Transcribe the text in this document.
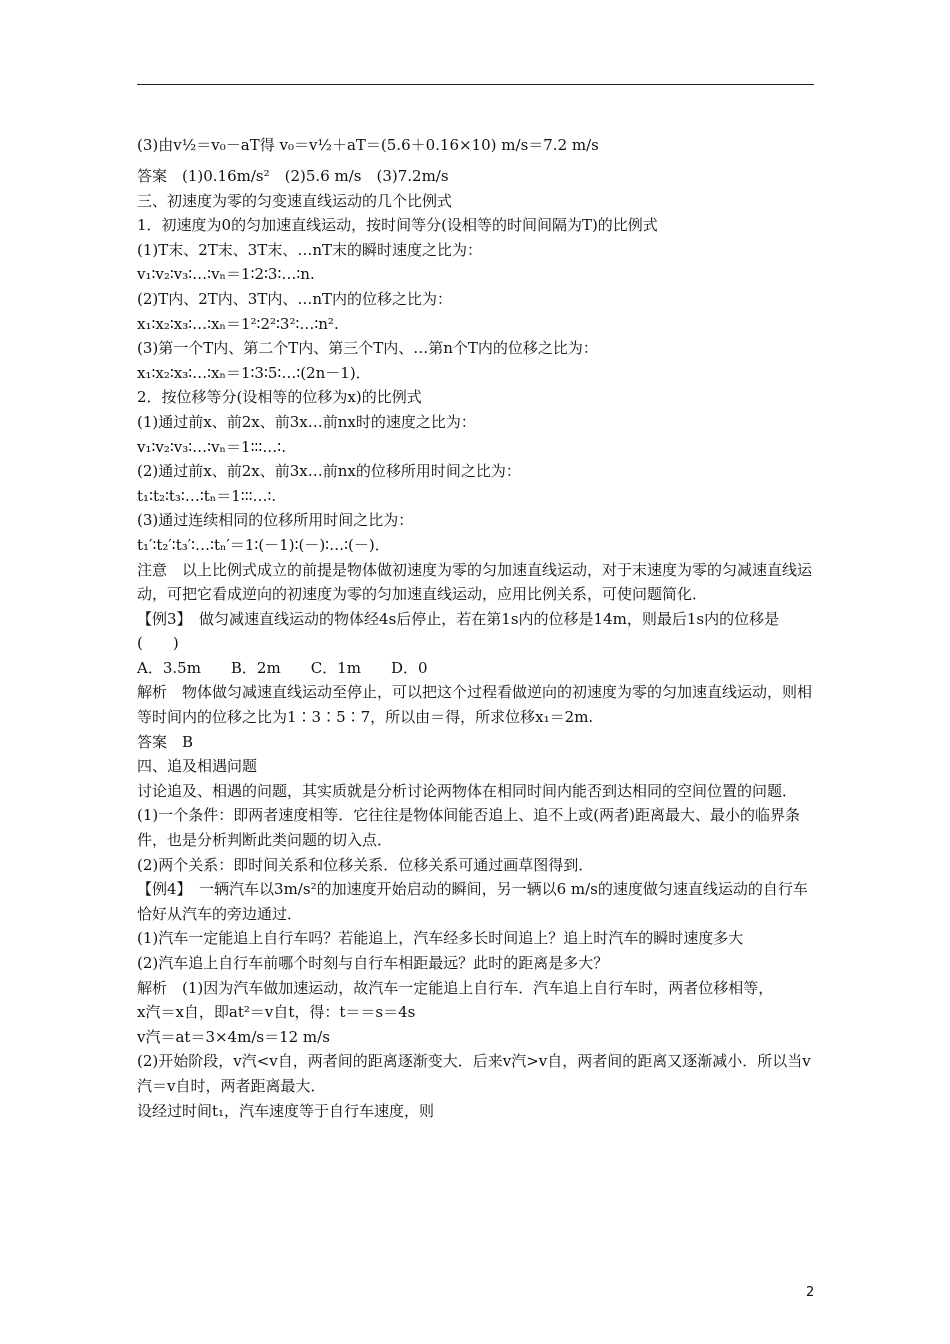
(3)由v½＝v₀－aT得 v₀＝v½＋aT＝(5.6＋0.16×10) m/s＝7.2 m/s
答案　(1)0.16m/s²　(2)5.6 m/s　(3)7.2m/s
三、初速度为零的匀变速直线运动的几个比例式
1．初速度为0的匀加速直线运动，按时间等分(设相等的时间间隔为T)的比例式
(1)T末、2T末、3T末、…nT末的瞬时速度之比为：
v₁∶v₂∶v₃∶…∶vₙ＝1∶2∶3∶…∶n.
(2)T内、2T内、3T内、…nT内的位移之比为：
x₁∶x₂∶x₃∶…∶xₙ＝1²∶2²∶3²∶…∶n².
(3)第一个T内、第二个T内、第三个T内、…第n个T内的位移之比为：
x₁∶x₂∶x₃∶…∶xₙ＝1∶3∶5∶…∶(2n－1)．
2．按位移等分(设相等的位移为x)的比例式
(1)通过前x、前2x、前3x…前nx时的速度之比为：
v₁∶v₂∶v₃∶…∶vₙ＝1∶∶∶…∶.
(2)通过前x、前2x、前3x…前nx的位移所用时间之比为：
t₁∶t₂∶t₃∶…∶tₙ＝1∶∶∶…∶.
(3)通过连续相同的位移所用时间之比为：
t₁′∶t₂′∶t₃′∶…∶tₙ′＝1∶(－1)∶(－)∶…∶(－)．
注意　以上比例式成立的前提是物体做初速度为零的匀加速直线运动，对于末速度为零的匀减速直线运动，可把它看成逆向的初速度为零的匀加速直线运动，应用比例关系，可使问题简化．
【例3】　做匀减速直线运动的物体经4s后停止，若在第1s内的位移是14m，则最后1s内的位移是(　　)
A．3.5m　　B．2m　　C．1m　　D．0
解析　物体做匀减速直线运动至停止，可以把这个过程看做逆向的初速度为零的匀加速直线运动，则相等时间内的位移之比为1∶3∶5∶7，所以由＝得，所求位移x₁＝2m.
答案　B
四、追及相遇问题
讨论追及、相遇的问题，其实质就是分析讨论两物体在相同时间内能否到达相同的空间位置的问题．
(1)一个条件：即两者速度相等．它往往是物体间能否追上、追不上或(两者)距离最大、最小的临界条件，也是分析判断此类问题的切入点．
(2)两个关系：即时间关系和位移关系．位移关系可通过画草图得到．
【例4】　一辆汽车以3m/s²的加速度开始启动的瞬间，另一辆以6 m/s的速度做匀速直线运动的自行车恰好从汽车的旁边通过．
(1)汽车一定能追上自行车吗？若能追上，汽车经多长时间追上？追上时汽车的瞬时速度多大
(2)汽车追上自行车前哪个时刻与自行车相距最远？此时的距离是多大？
解析　(1)因为汽车做加速运动，故汽车一定能追上自行车．汽车追上自行车时，两者位移相等，
x汽＝x自，即at²＝v自t，得：t＝＝s＝4s
v汽＝at＝3×4m/s＝12 m/s
(2)开始阶段，v汽<v自，两者间的距离逐渐变大．后来v汽>v自，两者间的距离又逐渐减小．所以当v汽＝v自时，两者距离最大．
设经过时间t₁，汽车速度等于自行车速度，则
2
